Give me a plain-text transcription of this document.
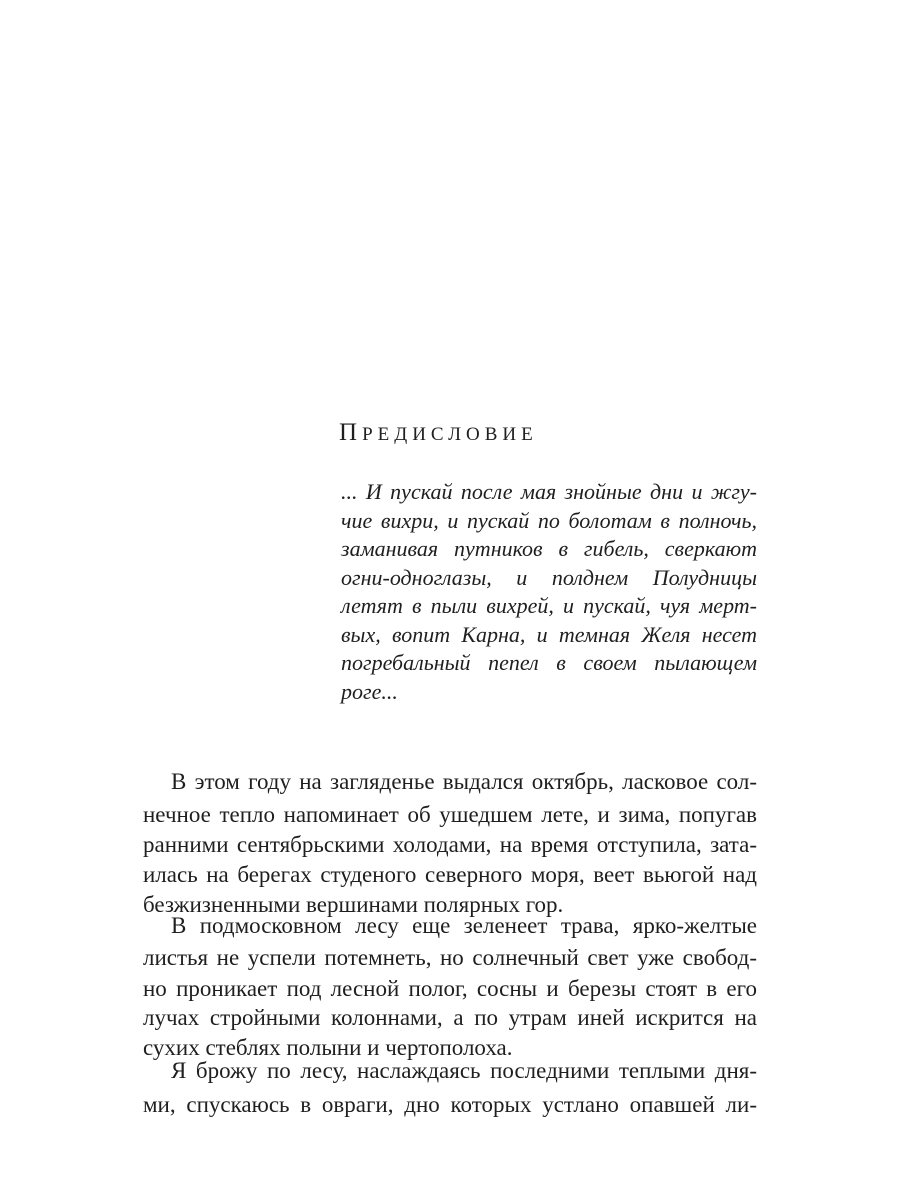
ПРЕДИСЛОВИЕ
... И пускай после мая знойные дни и жгу-
чие вихри, и пускай по болотам в полночь,
заманивая путников в гибель, сверкают
огни-одноглазы, и полднем Полудницы
летят в пыли вихрей, и пускай, чуя мерт-
вых, вопит Карна, и темная Желя несет
погребальный пепел в своем пылающем
роге...
В этом году на загляденье выдался октябрь, ласковое сол-
нечное тепло напоминает об ушедшем лете, и зима, попугав
ранними сентябрьскими холодами, на время отступила, зата-
илась на берегах студеного северного моря, веет вьюгой над
безжизненными вершинами полярных гор.
В подмосковном лесу еще зеленеет трава, ярко-желтые
листья не успели потемнеть, но солнечный свет уже свобод-
но проникает под лесной полог, сосны и березы стоят в его
лучах стройными колоннами, а по утрам иней искрится на
сухих стеблях полыни и чертополоха.
Я брожу по лесу, наслаждаясь последними теплыми дня-
ми, спускаюсь в овраги, дно которых устлано опавшей ли-
